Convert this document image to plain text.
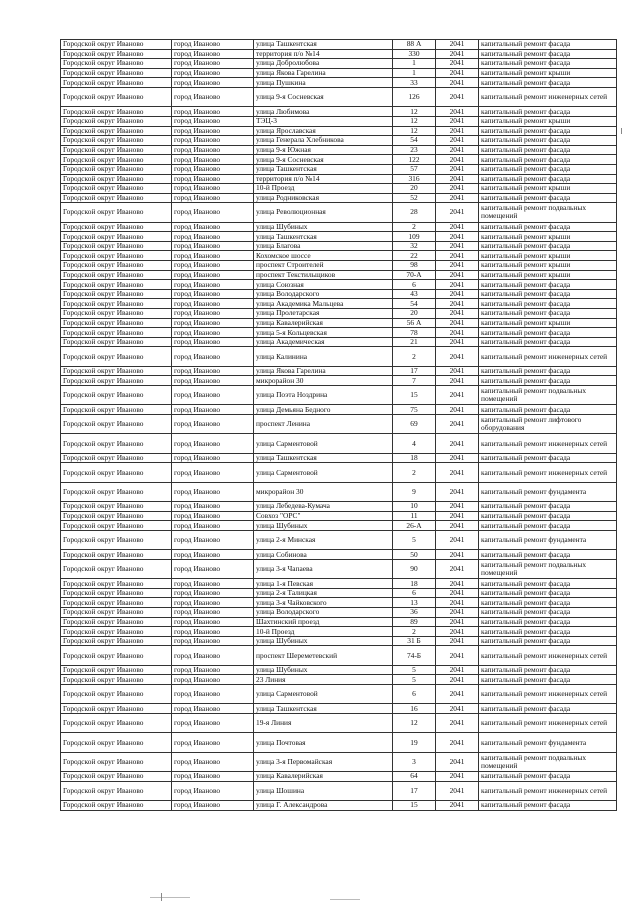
Городской округ Иваново	город Иваново	улица Ташкентская	88 А	2041	капитальный ремонт фасада
Городской округ Иваново	город Иваново	территория п/о №14	330	2041	капитальный ремонт фасада
Городской округ Иваново	город Иваново	улица Добролюбова	1	2041	капитальный ремонт фасада
Городской округ Иваново	город Иваново	улица Якова Гарелина	1	2041	капитальный ремонт крыши
Городской округ Иваново	город Иваново	улица Пушкина	33	2041	капитальный ремонт фасада
Городской округ Иваново	город Иваново	улица 9-я Сосневская	126	2041	капитальный ремонт инженерных сетей
Городской округ Иваново	город Иваново	улица Любимова	12	2041	капитальный ремонт фасада
Городской округ Иваново	город Иваново	ТЭЦ-3	12	2041	капитальный ремонт крыши
Городской округ Иваново	город Иваново	улица Ярославская	12	2041	капитальный ремонт фасада
Городской округ Иваново	город Иваново	улица Генерала Хлебникова	54	2041	капитальный ремонт фасада
Городской округ Иваново	город Иваново	улица 9-я Южная	23	2041	капитальный ремонт фасада
Городской округ Иваново	город Иваново	улица 9-я Сосневская	122	2041	капитальный ремонт фасада
Городской округ Иваново	город Иваново	улица Ташкентская	57	2041	капитальный ремонт фасада
Городской округ Иваново	город Иваново	территория п/о №14	316	2041	капитальный ремонт фасада
Городской округ Иваново	город Иваново	10-й Проезд	20	2041	капитальный ремонт крыши
Городской округ Иваново	город Иваново	улица Родниковская	52	2041	капитальный ремонт фасада
Городской округ Иваново	город Иваново	улица Революционная	28	2041	капитальный ремонт подвальных помещений
Городской округ Иваново	город Иваново	улица Шубиных	2	2041	капитальный ремонт фасада
Городской округ Иваново	город Иваново	улица Ташкентская	109	2041	капитальный ремонт крыши
Городской округ Иваново	город Иваново	улица Благова	32	2041	капитальный ремонт фасада
Городской округ Иваново	город Иваново	Кохомское шоссе	22	2041	капитальный ремонт крыши
Городской округ Иваново	город Иваново	проспект Строителей	98	2041	капитальный ремонт крыши
Городской округ Иваново	город Иваново	проспект Текстильщиков	70-А	2041	капитальный ремонт крыши
Городской округ Иваново	город Иваново	улица Союзная	6	2041	капитальный ремонт фасада
Городской округ Иваново	город Иваново	улица Володарского	43	2041	капитальный ремонт фасада
Городской округ Иваново	город Иваново	улица Академика Мальцева	54	2041	капитальный ремонт фасада
Городской округ Иваново	город Иваново	улица Пролетарская	20	2041	капитальный ремонт фасада
Городской округ Иваново	город Иваново	улица Кавалерийская	56 А	2041	капитальный ремонт крыши
Городской округ Иваново	город Иваново	улица 5-я Кольцевская	78	2041	капитальный ремонт фасада
Городской округ Иваново	город Иваново	улица Академическая	21	2041	капитальный ремонт фасада
Городской округ Иваново	город Иваново	улица Калинина	2	2041	капитальный ремонт инженерных сетей
Городской округ Иваново	город Иваново	улица Якова Гарелина	17	2041	капитальный ремонт фасада
Городской округ Иваново	город Иваново	микрорайон 30	7	2041	капитальный ремонт фасада
Городской округ Иваново	город Иваново	улица Поэта Ноздрина	15	2041	капитальный ремонт подвальных помещений
Городской округ Иваново	город Иваново	улица Демьяна Бедного	75	2041	капитальный ремонт фасада
Городской округ Иваново	город Иваново	проспект Ленина	69	2041	капитальный ремонт лифтового оборудования
Городской округ Иваново	город Иваново	улица Сарментовой	4	2041	капитальный ремонт инженерных сетей
Городской округ Иваново	город Иваново	улица Ташкентская	18	2041	капитальный ремонт фасада
Городской округ Иваново	город Иваново	улица Сарментовой	2	2041	капитальный ремонт инженерных сетей
Городской округ Иваново	город Иваново	микрорайон 30	9	2041	капитальный ремонт фундамента
Городской округ Иваново	город Иваново	улица Лебедева-Кумача	10	2041	капитальный ремонт фасада
Городской округ Иваново	город Иваново	Совхоз "ОРС"	11	2041	капитальный ремонт фасада
Городской округ Иваново	город Иваново	улица Шубиных	26-А	2041	капитальный ремонт фасада
Городской округ Иваново	город Иваново	улица 2-я Минская	5	2041	капитальный ремонт фундамента
Городской округ Иваново	город Иваново	улица Собинова	50	2041	капитальный ремонт фасада
Городской округ Иваново	город Иваново	улица 3-я Чапаева	90	2041	капитальный ремонт подвальных помещений
Городской округ Иваново	город Иваново	улица 1-я Певская	18	2041	капитальный ремонт фасада
Городской округ Иваново	город Иваново	улица 2-я Талицкая	6	2041	капитальный ремонт фасада
Городской округ Иваново	город Иваново	улица 3-я Чайковского	13	2041	капитальный ремонт фасада
Городской округ Иваново	город Иваново	улица Володарского	36	2041	капитальный ремонт фасада
Городской округ Иваново	город Иваново	Шахтинский проезд	89	2041	капитальный ремонт фасада
Городской округ Иваново	город Иваново	10-й Проезд	2	2041	капитальный ремонт фасада
Городской округ Иваново	город Иваново	улица Шубиных	31 Б	2041	капитальный ремонт фасада
Городской округ Иваново	город Иваново	проспект Шереметевский	74-Б	2041	капитальный ремонт инженерных сетей
Городской округ Иваново	город Иваново	улица Шубиных	5	2041	капитальный ремонт фасада
Городской округ Иваново	город Иваново	23 Линия	5	2041	капитальный ремонт фасада
Городской округ Иваново	город Иваново	улица Сарментовой	6	2041	капитальный ремонт инженерных сетей
Городской округ Иваново	город Иваново	улица Ташкентская	16	2041	капитальный ремонт фасада
Городской округ Иваново	город Иваново	19-я Линия	12	2041	капитальный ремонт инженерных сетей
Городской округ Иваново	город Иваново	улица Почтовая	19	2041	капитальный ремонт фундамента
Городской округ Иваново	город Иваново	улица 3-я Первомайская	3	2041	капитальный ремонт подвальных помещений
Городской округ Иваново	город Иваново	улица Кавалерийская	64	2041	капитальный ремонт фасада
Городской округ Иваново	город Иваново	улица Шошина	17	2041	капитальный ремонт инженерных сетей
Городской округ Иваново	город Иваново	улица Г. Александрова	15	2041	капитальный ремонт фасада
